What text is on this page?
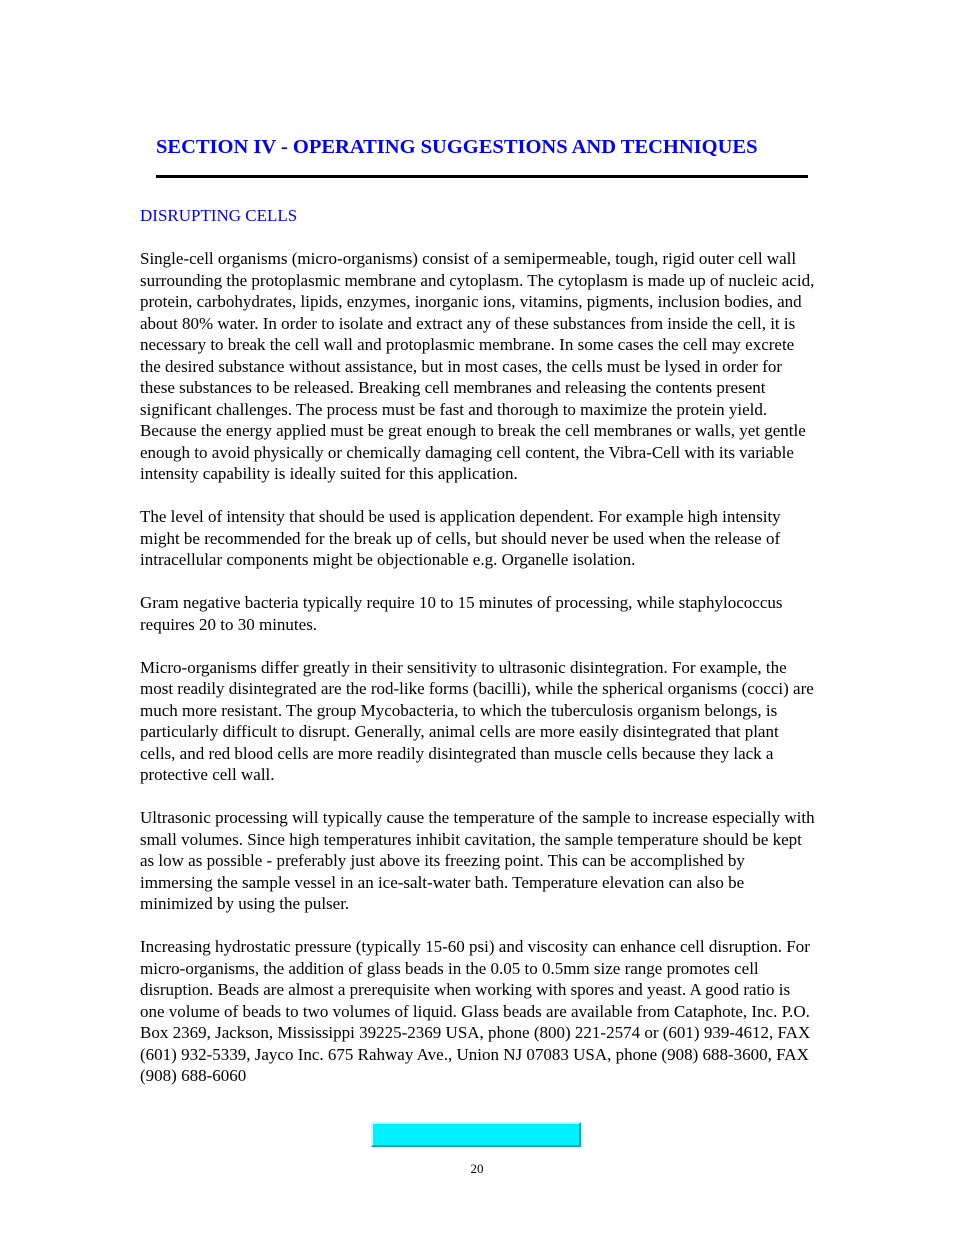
SECTION IV - OPERATING SUGGESTIONS AND TECHNIQUES
DISRUPTING CELLS

Single-cell organisms (micro-organisms) consist of a semipermeable, tough, rigid outer cell wall surrounding the protoplasmic membrane and cytoplasm. The cytoplasm is made up of nucleic acid, protein, carbohydrates, lipids, enzymes, inorganic ions, vitamins, pigments, inclusion bodies, and about 80% water. In order to isolate and extract any of these substances from inside the cell, it is necessary to break the cell wall and protoplasmic membrane. In some cases the cell may excrete the desired substance without assistance, but in most cases, the cells must be lysed in order for these substances to be released. Breaking cell membranes and releasing the contents present significant challenges. The process must be fast and thorough to maximize the protein yield. Because the energy applied must be great enough to break the cell membranes or walls, yet gentle enough to avoid physically or chemically damaging cell content, the Vibra-Cell with its variable intensity capability is ideally suited for this application.

The level of intensity that should be used is application dependent. For example high intensity might be recommended for the break up of cells, but should never be used when the release of intracellular components might be objectionable e.g. Organelle isolation.

Gram negative bacteria typically require 10 to 15 minutes of processing, while staphylococcus requires 20 to 30 minutes.

Micro-organisms differ greatly in their sensitivity to ultrasonic disintegration. For example, the most readily disintegrated are the rod-like forms (bacilli), while the spherical organisms (cocci) are much more resistant. The group Mycobacteria, to which the tuberculosis organism belongs, is particularly difficult to disrupt. Generally, animal cells are more easily disintegrated that plant cells, and red blood cells are more readily disintegrated than muscle cells because they lack a protective cell wall.

Ultrasonic processing will typically cause the temperature of the sample to increase especially with small volumes. Since high temperatures inhibit cavitation, the sample temperature should be kept as low as possible - preferably just above its freezing point. This can be accomplished by immersing the sample vessel in an ice-salt-water bath. Temperature elevation can also be minimized by using the pulser.

Increasing hydrostatic pressure (typically 15-60 psi) and viscosity can enhance cell disruption. For micro-organisms, the addition of glass beads in the 0.05 to 0.5mm size range promotes cell disruption. Beads are almost a prerequisite when working with spores and yeast. A good ratio is one volume of beads to two volumes of liquid. Glass beads are available from Cataphote, Inc. P.O. Box 2369, Jackson, Mississippi 39225-2369 USA, phone (800) 221-2574 or (601) 939-4612, FAX (601) 932-5339, Jayco Inc. 675 Rahway Ave., Union NJ 07083 USA, phone (908) 688-3600, FAX (908) 688-6060

20
